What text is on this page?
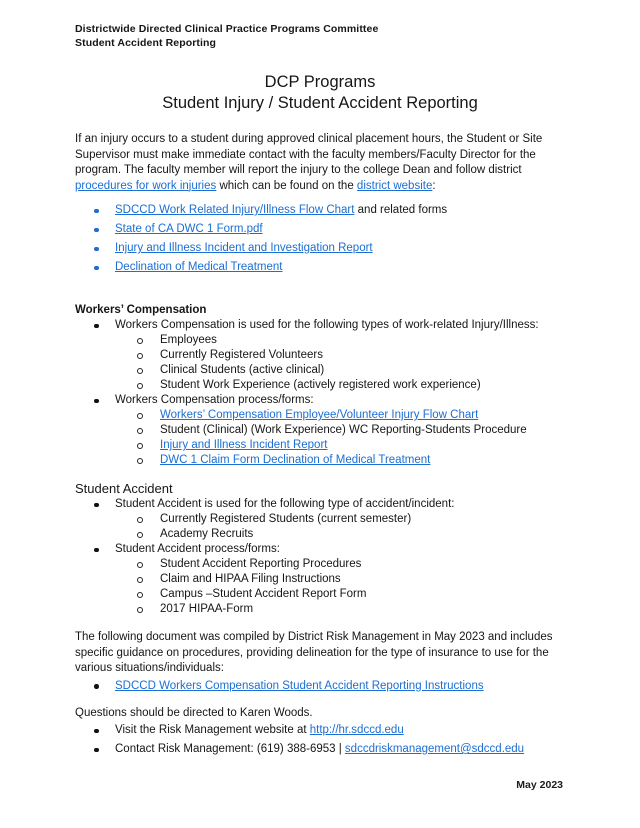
Districtwide Directed Clinical Practice Programs Committee
Student Accident Reporting
DCP Programs
Student Injury / Student Accident Reporting

If an injury occurs to a student during approved clinical placement hours, the Student or Site Supervisor must make immediate contact with the faculty members/Faculty Director for the program. The faculty member will report the injury to the college Dean and follow district procedures for work injuries which can be found on the district website:

SDCCD Work Related Injury/Illness Flow Chart and related forms
State of CA DWC 1 Form.pdf
Injury and Illness Incident and Investigation Report
Declination of Medical Treatment
Workers’ Compensation
Workers Compensation is used for the following types of work-related Injury/Illness:
Employees
Currently Registered Volunteers
Clinical Students (active clinical)
Student Work Experience (actively registered work experience)
Workers Compensation process/forms:
Workers’ Compensation Employee/Volunteer Injury Flow Chart
Student (Clinical) (Work Experience) WC Reporting-Students Procedure
Injury and Illness Incident Report
DWC 1 Claim Form Declination of Medical Treatment
Student Accident
Student Accident is used for the following type of accident/incident:
Currently Registered Students (current semester)
Academy Recruits
Student Accident process/forms:
Student Accident Reporting Procedures
Claim and HIPAA Filing Instructions
Campus –Student Accident Report Form
2017 HIPAA-Form

The following document was compiled by District Risk Management in May 2023 and includes specific guidance on procedures, providing delineation for the type of insurance to use for the various situations/individuals:

SDCCD Workers Compensation Student Accident Reporting Instructions

Questions should be directed to Karen Woods.

Visit the Risk Management website at http://hr.sdccd.edu
Contact Risk Management: (619) 388-6953 | sdccdriskmanagement@sdccd.edu
May 2023
